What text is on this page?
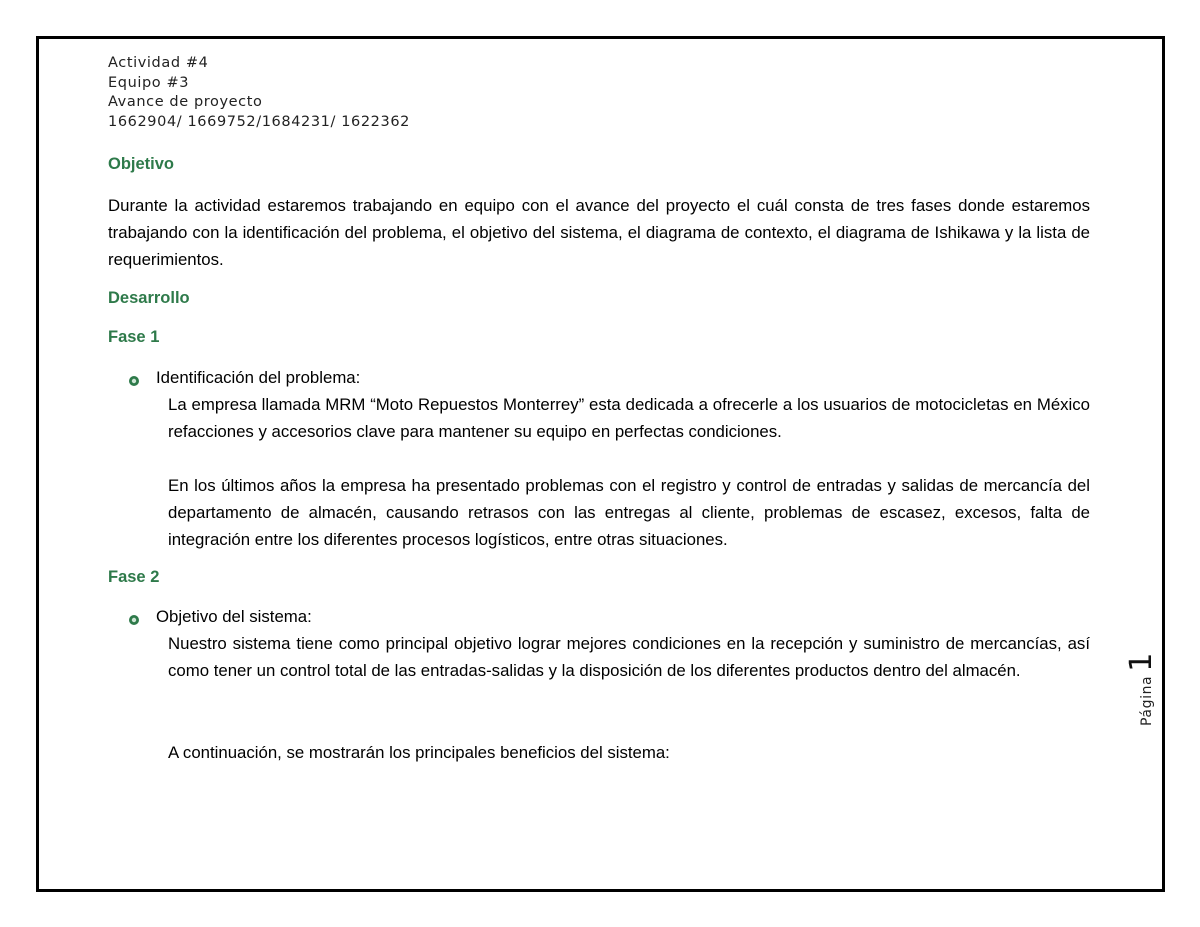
Actividad #4
Equipo #3
Avance de proyecto
1662904/ 1669752/1684231/ 1622362
Objetivo
Durante la actividad estaremos trabajando en equipo con el avance del proyecto el cuál consta de tres fases donde estaremos trabajando con la identificación del problema, el objetivo del sistema, el diagrama de contexto, el diagrama de Ishikawa y la lista de requerimientos.
Desarrollo
Fase 1
Identificación del problema:
La empresa llamada MRM “Moto Repuestos Monterrey” esta dedicada a ofrecerle a los usuarios de motocicletas en México refacciones y accesorios clave para mantener su equipo en perfectas condiciones.
En los últimos años la empresa ha presentado problemas con el registro y control de entradas y salidas de mercancía del departamento de almacén, causando retrasos con las entregas al cliente, problemas de escasez, excesos, falta de integración entre los diferentes procesos logísticos, entre otras situaciones.
Fase 2
Objetivo del sistema:
Nuestro sistema tiene como principal objetivo lograr mejores condiciones en la recepción y suministro de mercancías, así como tener un control total de las entradas-salidas y la disposición de los diferentes productos dentro del almacén.
A continuación, se mostrarán los principales beneficios del sistema:
Página
1
